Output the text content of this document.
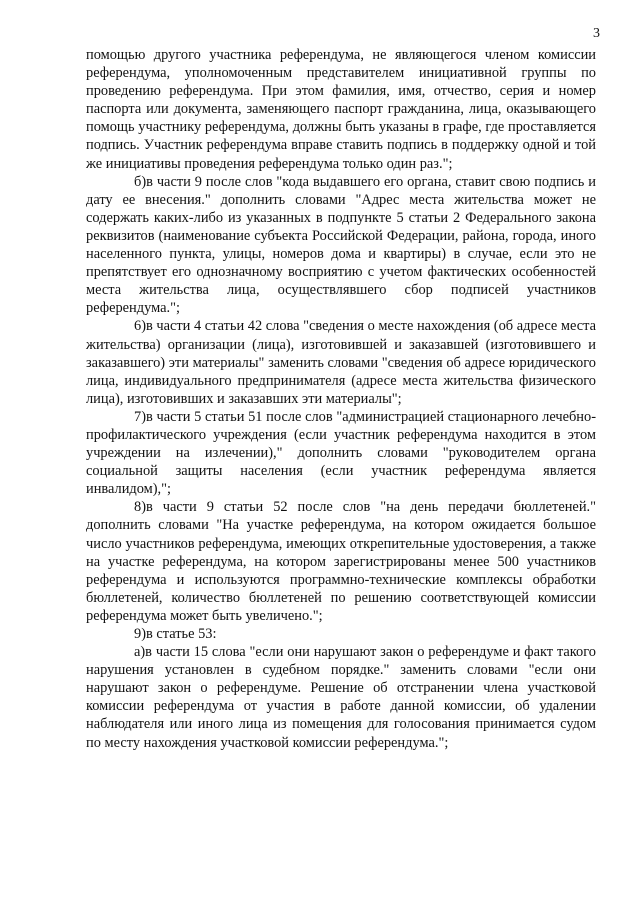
3

помощью другого участника референдума, не являющегося членом комиссии референдума, уполномоченным представителем инициативной группы по проведению референдума. При этом фамилия, имя, отчество, серия и номер паспорта или документа, заменяющего паспорт гражданина, лица, оказывающего помощь участнику референдума, должны быть указаны в графе, где проставляется подпись. Участник референдума вправе ставить подпись в поддержку одной и той же инициативы проведения референдума только один раз.";

б)в части 9 после слов "кода выдавшего его органа, ставит свою подпись и дату ее внесения." дополнить словами "Адрес места жительства может не содержать каких-либо из указанных в подпункте 5 статьи 2 Федерального закона реквизитов (наименование субъекта Российской Федерации, района, города, иного населенного пункта, улицы, номеров дома и квартиры) в случае, если это не препятствует его однозначному восприятию с учетом фактических особенностей места жительства лица, осуществлявшего сбор подписей участников референдума.";

6)в части 4 статьи 42 слова "сведения о месте нахождения (об адресе места жительства) организации (лица), изготовившей и заказавшей (изготовившего и заказавшего) эти материалы" заменить словами "сведения об адресе юридического лица, индивидуального предпринимателя (адресе места жительства физического лица), изготовивших и заказавших эти материалы";

7)в части 5 статьи 51 после слов "администрацией стационарного лечебно-профилактического учреждения (если участник референдума находится в этом учреждении на излечении)," дополнить словами "руководителем органа социальной защиты населения (если участник референдума является инвалидом),";

8)в части 9 статьи 52 после слов "на день передачи бюллетеней." дополнить словами "На участке референдума, на котором ожидается большое число участников референдума, имеющих открепительные удостоверения, а также на участке референдума, на котором зарегистрированы менее 500 участников референдума и используются программно-технические комплексы обработки бюллетеней, количество бюллетеней по решению соответствующей комиссии референдума может быть увеличено.";

9)в статье 53:

а)в части 15 слова "если они нарушают закон о референдуме и факт такого нарушения установлен в судебном порядке." заменить словами "если они нарушают закон о референдуме. Решение об отстранении члена участковой комиссии референдума от участия в работе данной комиссии, об удалении наблюдателя или иного лица из помещения для голосования принимается судом по месту нахождения участковой комиссии референдума.";
